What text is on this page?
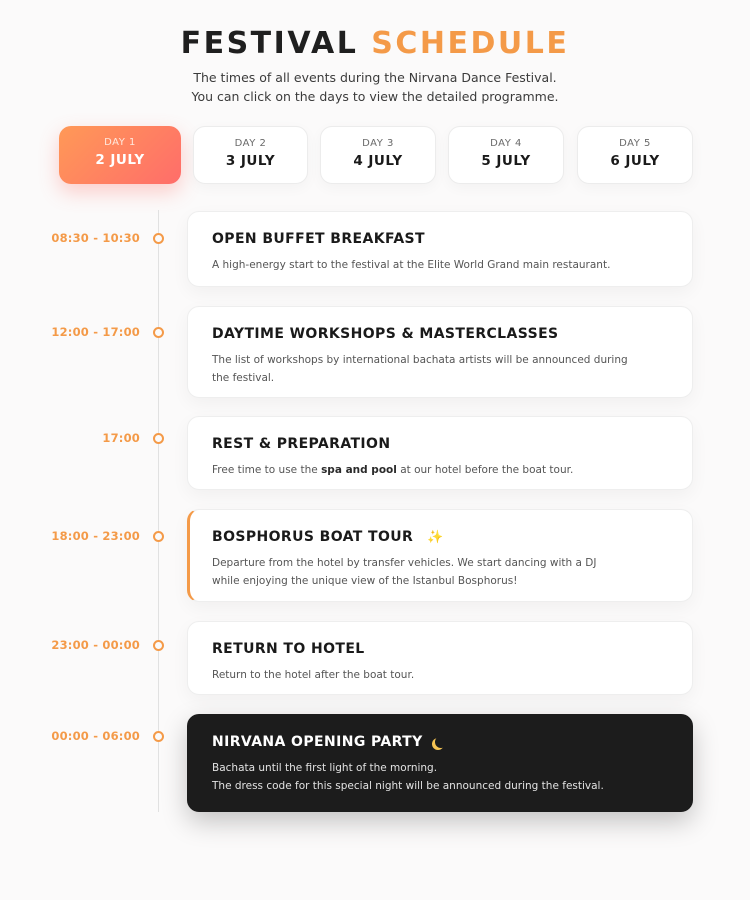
FESTIVAL SCHEDULE
The times of all events during the Nirvana Dance Festival.
You can click on the days to view the detailed programme.
DAY 1
2 JULY
DAY 2
3 JULY
DAY 3
4 JULY
DAY 4
5 JULY
DAY 5
6 JULY
08:30 - 10:30	OPEN BUFFET BREAKFAST
A high-energy start to the festival at the Elite World Grand main restaurant.
12:00 - 17:00	DAYTIME WORKSHOPS & MASTERCLASSES
The list of workshops by international bachata artists will be announced during
the festival.
17:00	REST & PREPARATION
Free time to use the spa and pool at our hotel before the boat tour.
18:00 - 23:00	BOSPHORUS BOAT TOUR ✨
Departure from the hotel by transfer vehicles. We start dancing with a DJ
while enjoying the unique view of the Istanbul Bosphorus!
23:00 - 00:00	RETURN TO HOTEL
Return to the hotel after the boat tour.
00:00 - 06:00	NIRVANA OPENING PARTY
Bachata until the first light of the morning.
The dress code for this special night will be announced during the festival.
